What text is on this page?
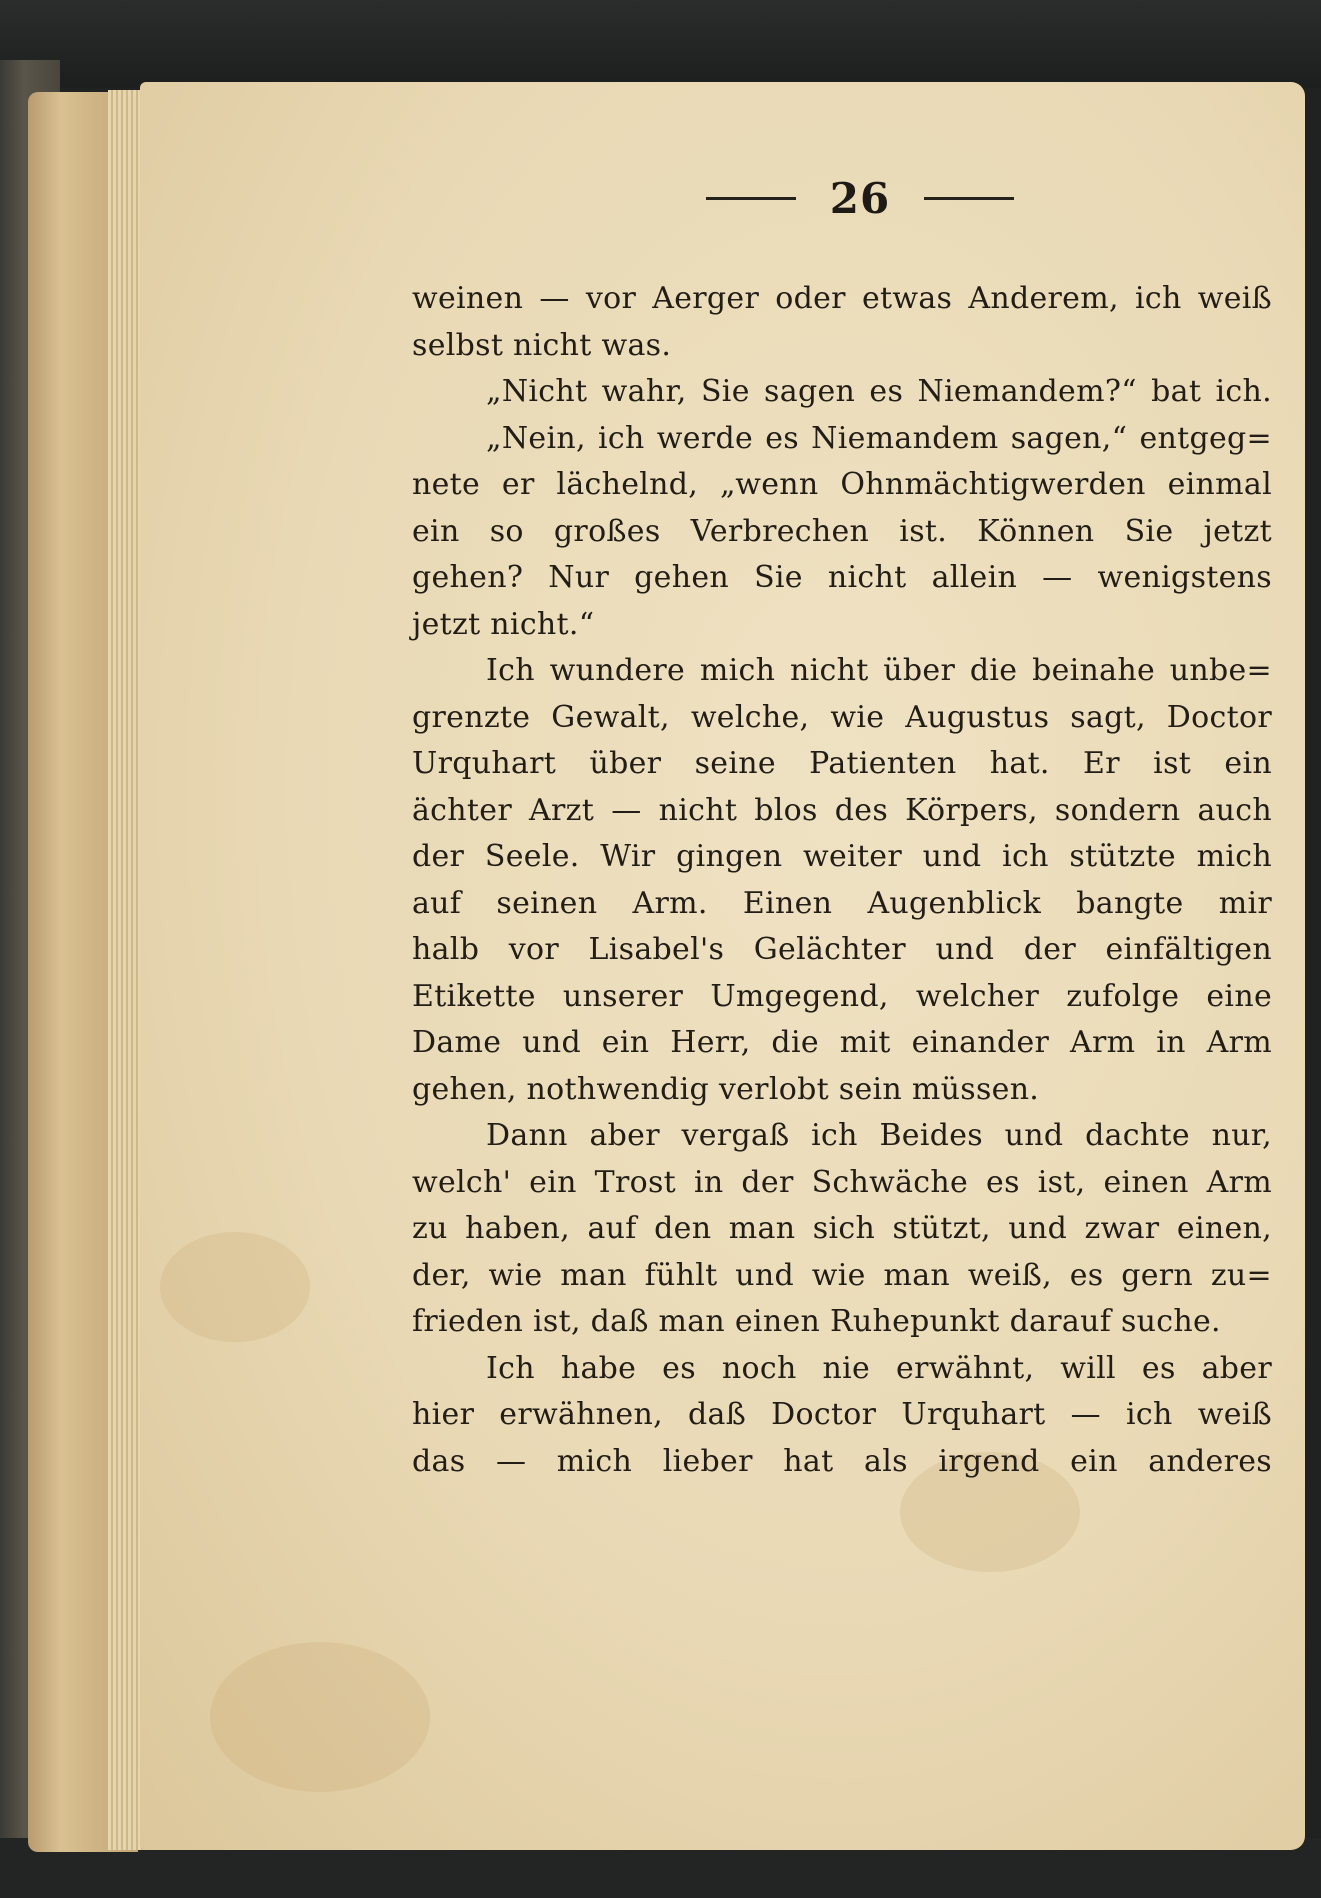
26
weinen — vor Aerger oder etwas Anderem, ich weiß
selbst nicht was.
„Nicht wahr, Sie sagen es Niemandem?“ bat ich.
„Nein, ich werde es Niemandem sagen,“ entgeg=
nete er lächelnd, „wenn Ohnmächtigwerden einmal
ein so großes Verbrechen ist. Können Sie jetzt
gehen? Nur gehen Sie nicht allein — wenigstens
jetzt nicht.“
Ich wundere mich nicht über die beinahe unbe=
grenzte Gewalt, welche, wie Augustus sagt, Doctor
Urquhart über seine Patienten hat. Er ist ein
ächter Arzt — nicht blos des Körpers, sondern auch
der Seele. Wir gingen weiter und ich stützte mich
auf seinen Arm. Einen Augenblick bangte mir
halb vor Lisabel's Gelächter und der einfältigen
Etikette unserer Umgegend, welcher zufolge eine
Dame und ein Herr, die mit einander Arm in Arm
gehen, nothwendig verlobt sein müssen.
Dann aber vergaß ich Beides und dachte nur,
welch' ein Trost in der Schwäche es ist, einen Arm
zu haben, auf den man sich stützt, und zwar einen,
der, wie man fühlt und wie man weiß, es gern zu=
frieden ist, daß man einen Ruhepunkt darauf suche.
Ich habe es noch nie erwähnt, will es aber
hier erwähnen, daß Doctor Urquhart — ich weiß
das — mich lieber hat als irgend ein anderes
